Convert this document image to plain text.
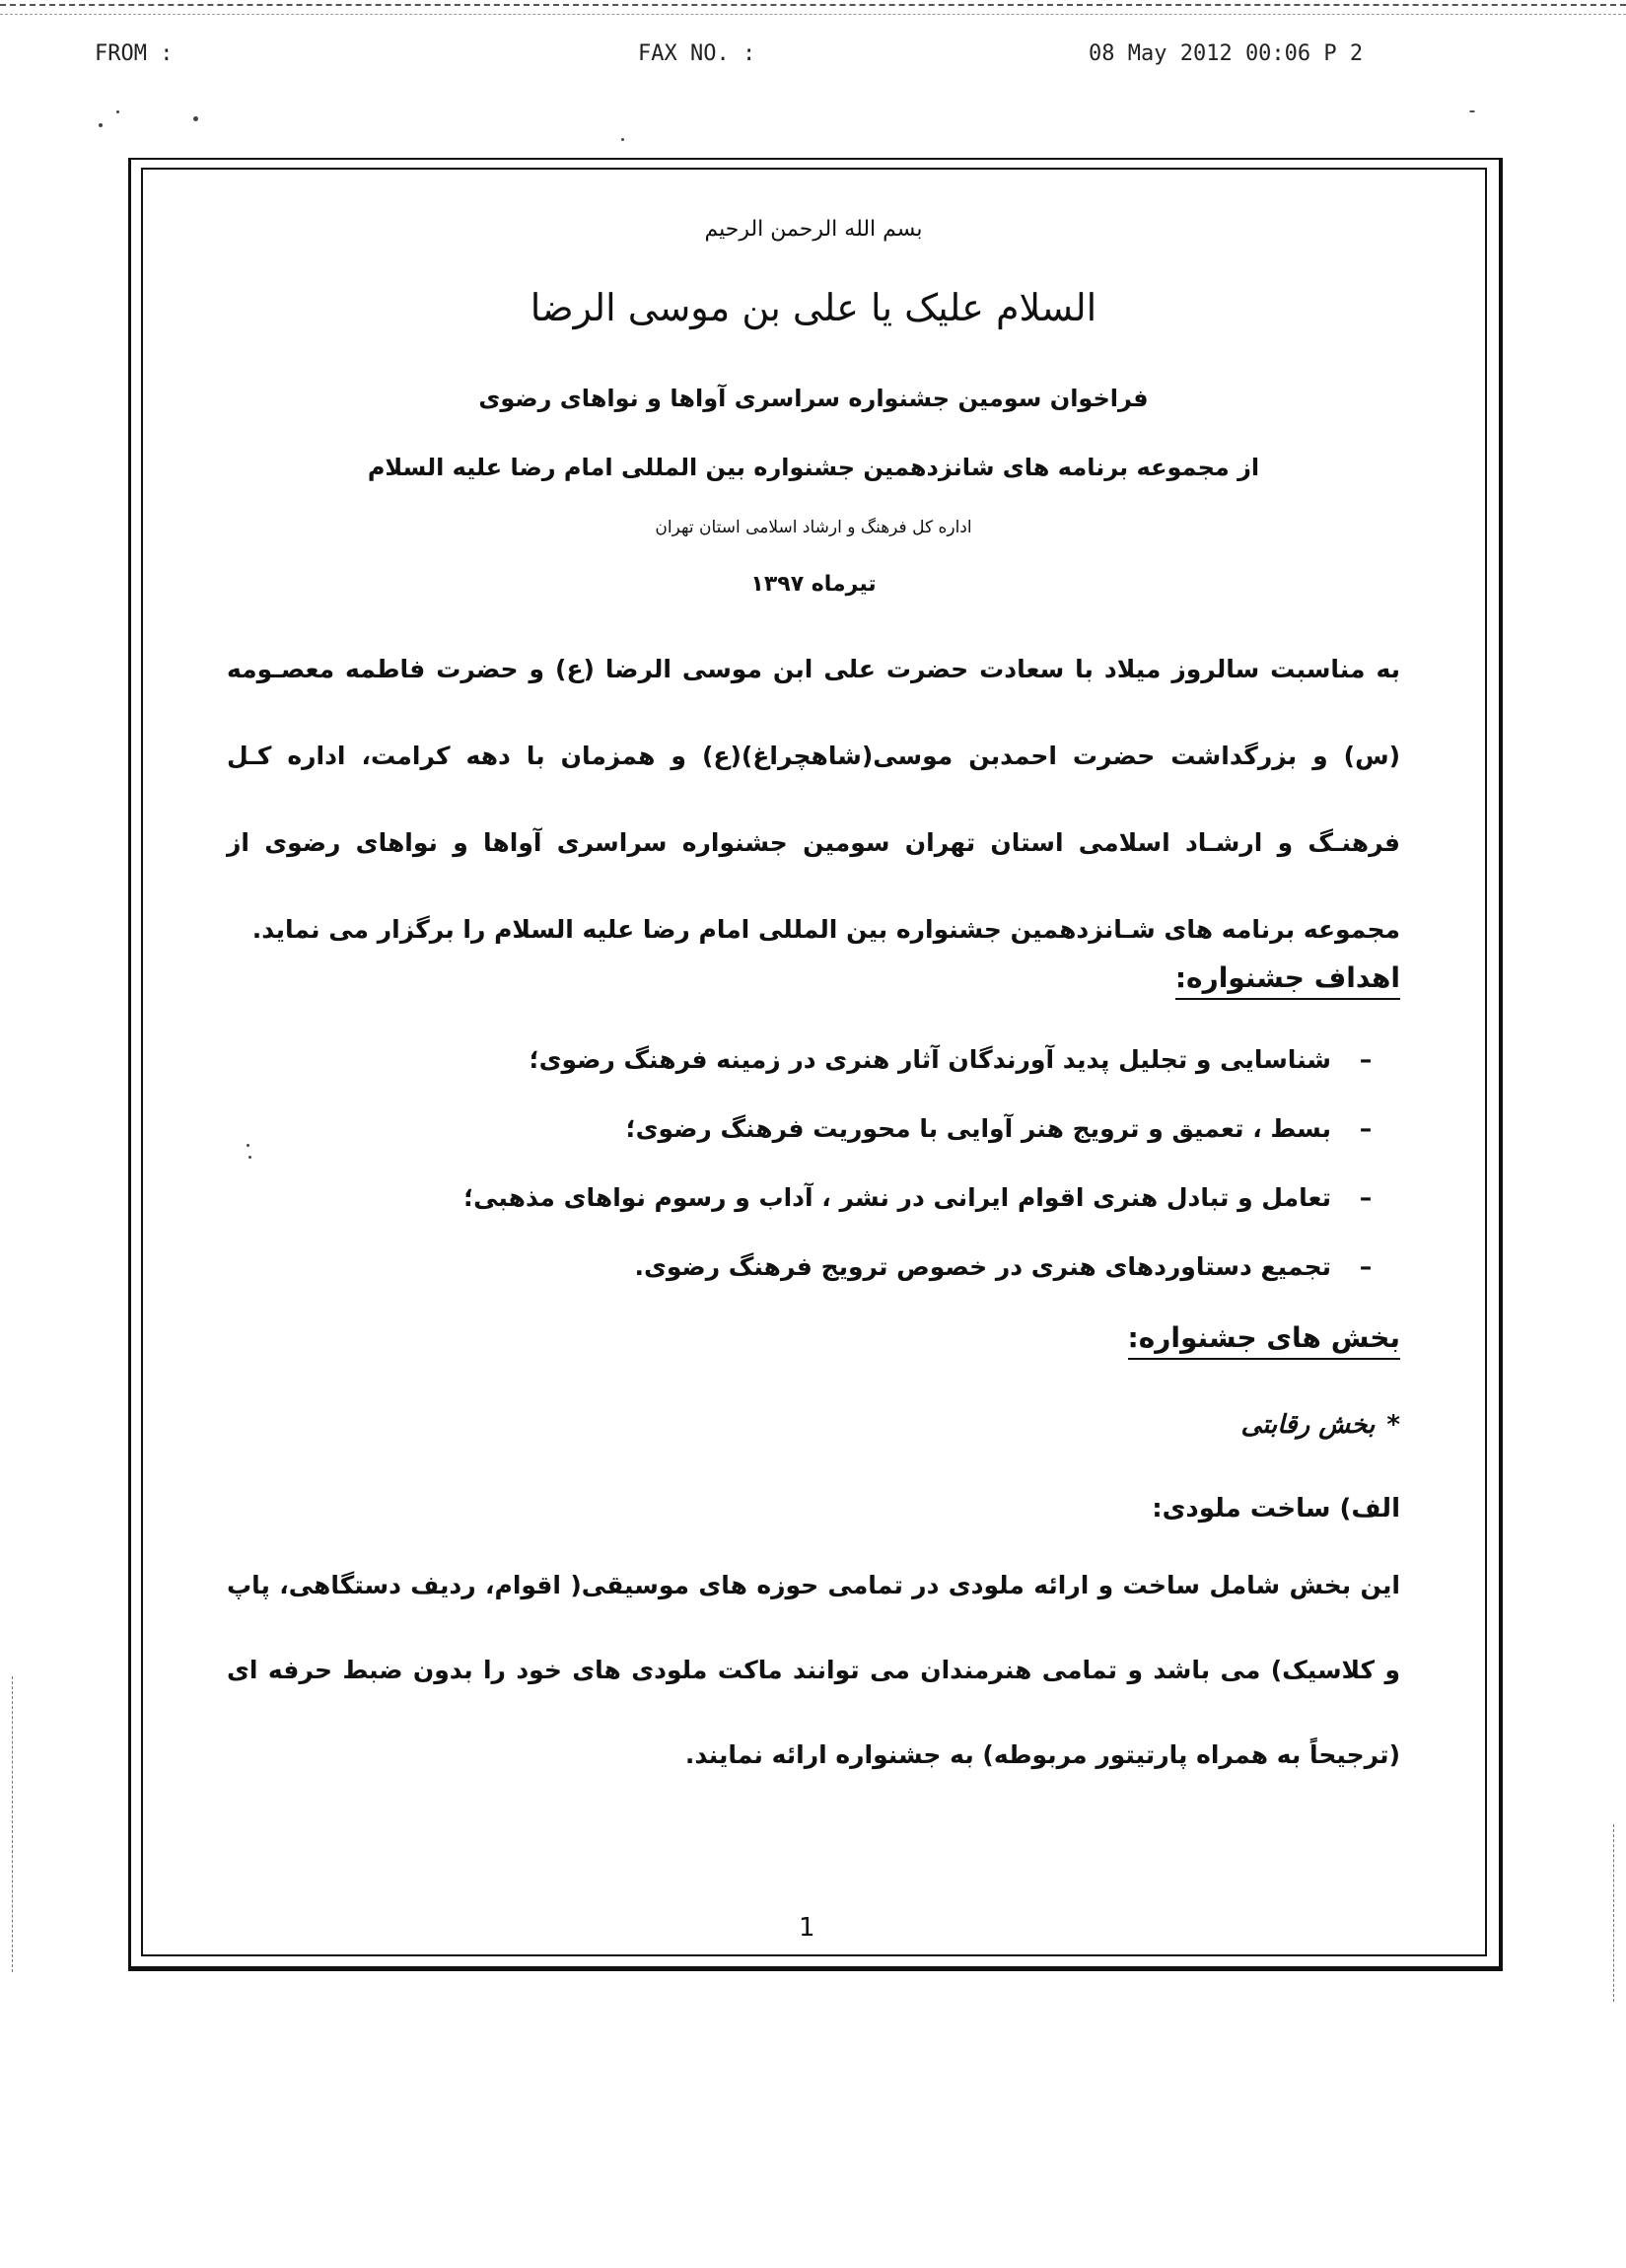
FROM :	FAX NO. :	08 May 2012 00:06 P 2
بسم الله الرحمن الرحيم
السلام علیک یا علی بن موسی الرضا
فراخوان سومین جشنواره سراسری آواها و نواهای رضوی
از مجموعه برنامه های شانزدهمین جشنواره بین المللی امام رضا علیه السلام
اداره کل فرهنگ و ارشاد اسلامی استان تهران
تیرماه ۱۳۹۷
به مناسبت سالروز میلاد با سعادت حضرت علی ابن موسی الرضا (ع) و حضرت فاطمه معصـومه (س) و بزرگداشت حضرت احمدبن موسی(شاهچراغ)(ع) و همزمان با دهه کرامت، اداره کـل فرهنـگ و ارشـاد اسلامی استان تهران سومین جشنواره سراسری آواها و نواهای رضوی از مجموعه برنامه های شـانزدهمین جشنواره بین المللی امام رضا علیه السلام را برگزار می نماید.
اهداف جشنواره:
–شناسایی و تجلیل پدید آورندگان آثار هنری در زمینه فرهنگ رضوی؛
–بسط ، تعمیق و ترویج هنر آوایی با محوریت فرهنگ رضوی؛
–تعامل و تبادل هنری اقوام ایرانی در نشر ، آداب و رسوم نواهای مذهبی؛
–تجمیع دستاوردهای هنری در خصوص ترویج فرهنگ رضوی.
بخش های جشنواره:
*بخش رقابتی
الف) ساخت ملودی:
این بخش شامل ساخت و ارائه ملودی در تمامی حوزه های موسیقی( اقوام، ردیف دستگاهی، پاپ و کلاسیک) می باشد و تمامی هنرمندان می توانند ماکت ملودی های خود را بدون ضبط حرفه ای (ترجیحاً به همراه پارتیتور مربوطه) به جشنواره ارائه نمایند.
1
